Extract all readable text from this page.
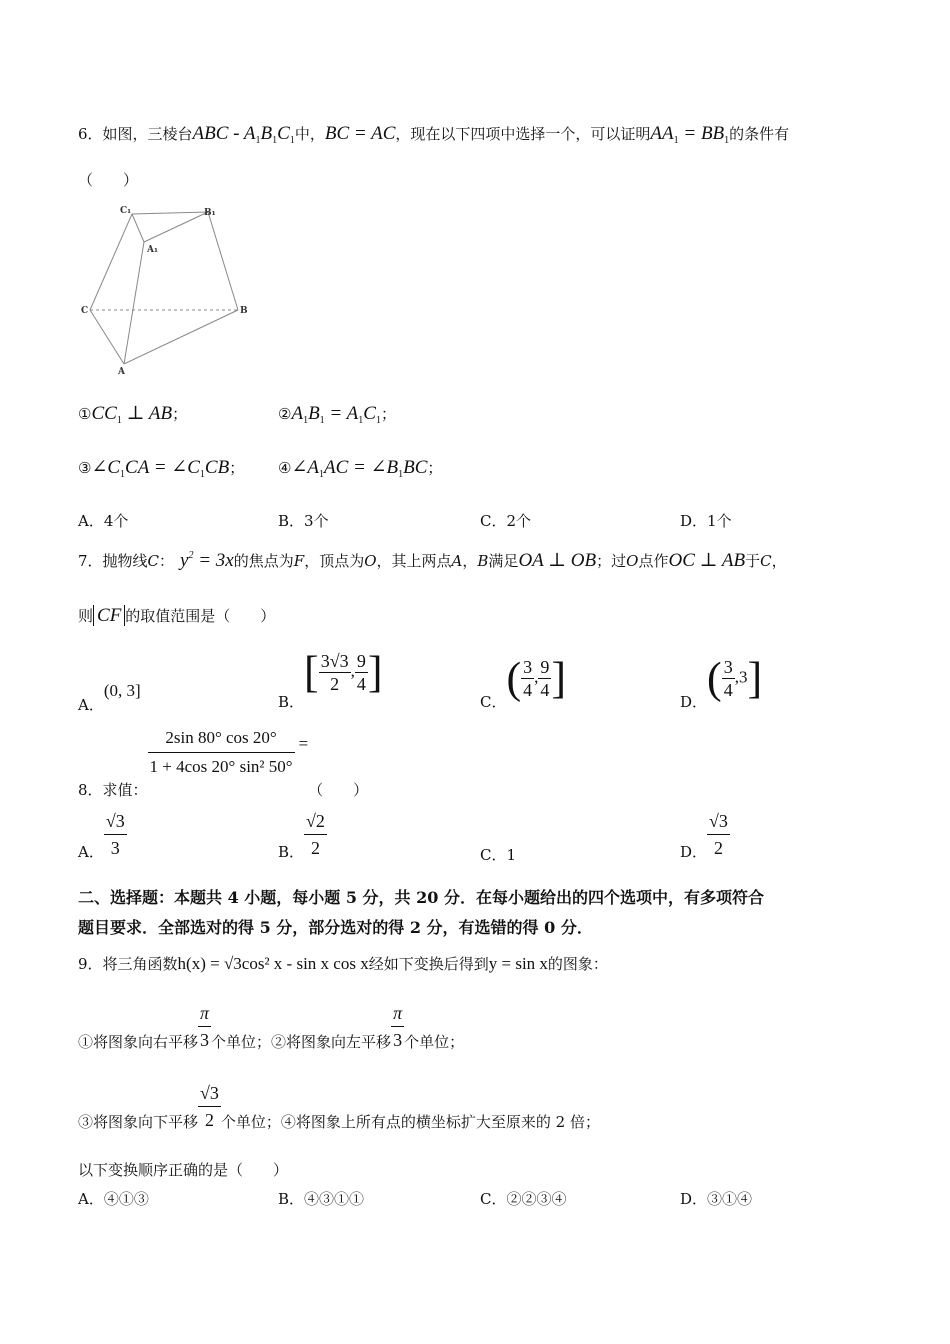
6．如图，三棱台ABC - $A_1B_1C_1$中，BC = AC，现在以下四项中选择一个，可以证明$AA_1 = BB_1$的条件有
（　　）
C₁	B₁
A₁
C	B
A
$①CC_1$ ⊥ AB；	$②A_1B_1 = A_1C_1$；
$③\angle C_1CA$ = $\angle C_1CB$； $④\angle A_1AC$ = $\angle B_1BC$；
A．4个	B．3个	C．2个	D．1个
7．抛物线C： $y^2 = 3x$的焦点为F，顶点为O，其上两点A，B满足OA ⊥ OB；过O点作OC ⊥ AB于C，
则 CF 的取值范围是（　　）
A．(0, 3]
B．[ $\frac{3√3}{2}$ , $\frac{9}{4}$ ]
C．( $\frac{3}{4}$ , $\frac{9}{4}$ ]	D．( $\frac{3}{4} ,3$]
8．求值：
$\frac{2\sin 80^\circ \cos 20^\circ}{\text{1 + 4cos 20° sin² 50°}}$ =（　　）
A． $\frac{√3}{3}$	B． $\frac{√2}{2}$	C．1	D． $\frac{√3}{2}$
二、选择题：本题共 4 小题，每小题 5 分，共 20 分．在每小题给出的四个选项中，有多项符合
题目要求．全部选对的得 5 分，部分选对的得 2 分，有选错的得 0 分．
9．将三角函数h(x) = √3cos² x - sin x cos x经如下变换后得到y = sin x的图象：
①将图象向右平移 $\frac{\pi}{3}$ 个单位；②将图象向左平移 $\frac{\pi}{3}$ 个单位；
③将图象向下平移 $\frac{√3}{2}$ 个单位；④将图象上所有点的横坐标扩大至原来的 2 倍；
以下变换顺序正确的是（　　）
A．④①③	B．④③①①	C．②②③④	D．③①④
